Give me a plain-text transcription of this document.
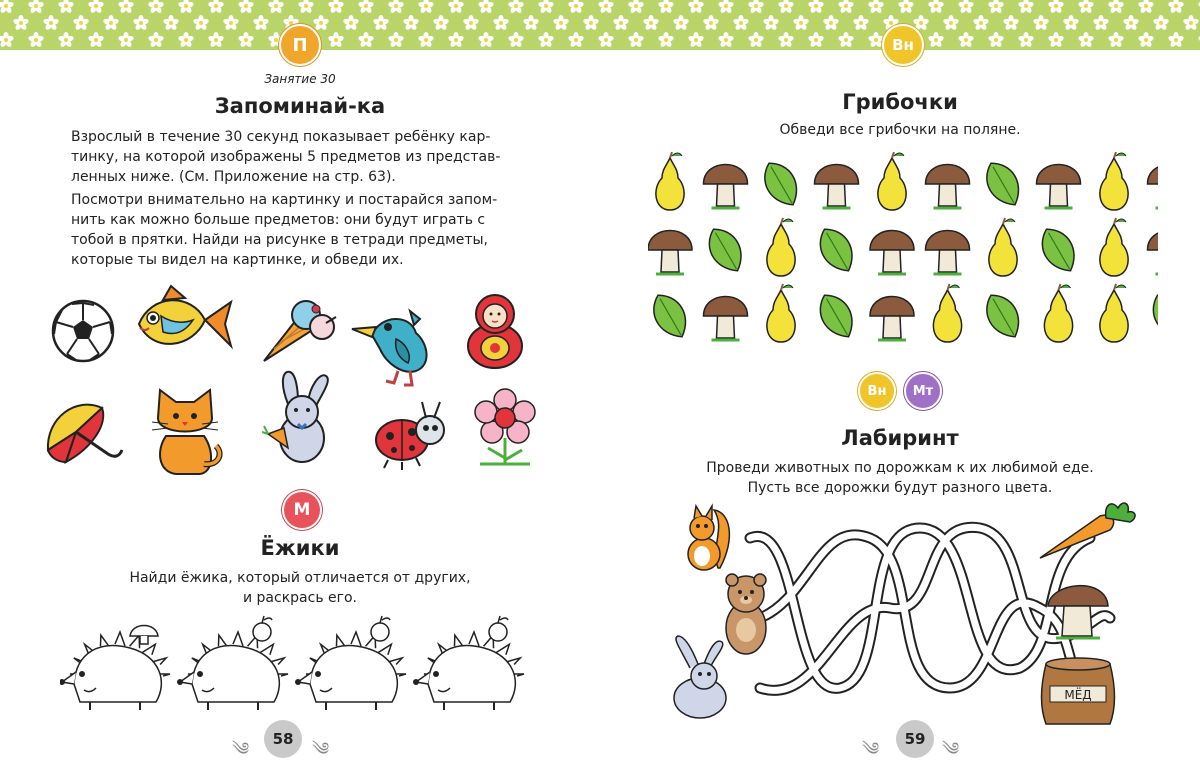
П
Занятие 30
Запоминай-ка
Взрослый в течение 30 секунд показывает ребёнку кар-
тинку, на которой изображены 5 предметов из представ-
ленных ниже. (См. Приложение на стр. 63).
Посмотри внимательно на картинку и постарайся запом-
нить как можно больше предметов: они будут играть с
тобой в прятки. Найди на рисунке в тетради предметы,
которые ты видел на картинке, и обведи их.
М
Ёжики
Найди ёжика, который отличается от других,
и раскрась его.
༄	58	༄
Вн
Грибочки
Обведи все грибочки на поляне.
Вн	Мт
Лабиринт
Проведи животных по дорожкам к их любимой еде.
Пусть все дорожки будут разного цвета.
МЁД
༄	59 ༄
